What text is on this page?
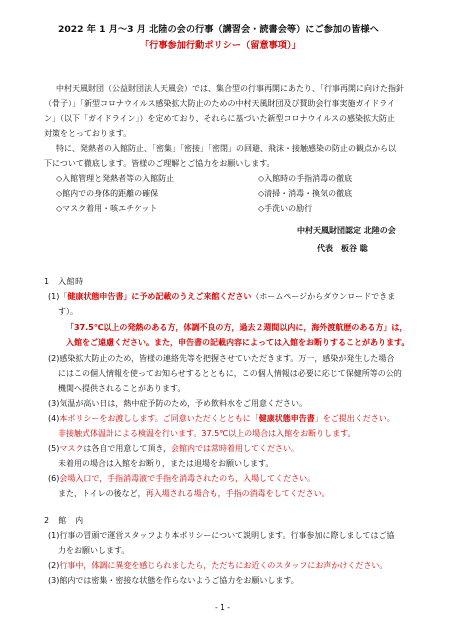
2022 年 1 月～3 月 北陸の会の行事（講習会・読書会等）にご参加の皆様へ
「行事参加行動ポリシー（留意事項）」
中村天風財団（公益財団法人天風会）では、集合型の行事再開にあたり、「行事再開に向けた指針
（骨子）」「新型コロナウイルス感染拡大防止のための中村天風財団及び賛助会行事実施ガイドライ
ン」（以下「ガイドライン」）を定めており、それらに基づいた新型コロナウイルスの感染拡大防止
対策をとっております。
特に、発熱者の入館防止、「密集」「密接」「密閉」の回避、飛沫・接触感染の防止の観点から以
下について徹底します。皆様のご理解とご協力をお願いします。
◇入館管理と発熱者等の入館防止	◇入館時の手指消毒の徹底
◇館内での身体的距離の確保	◇清掃・消毒・換気の徹底
◇マスク着用・咳エチケット	◇手洗いの励行
中村天風財団認定 北陸の会
代表　板谷 聡
1　入館時
(1)「健康状態申告書」に予め記載のうえご来館ください（ホームページからダウンロードできま
す）。
「37.5℃以上の発熱のある方，体調不良の方，過去２週間以内に，海外渡航歴のある方」は，
入館をご遠慮ください。また，申告書の記載内容によっては入館をお断りすることがあります。
(2)感染拡大防止のため，皆様の連絡先等を把握させていただきます。万一，感染が発生した場合
にはこの個人情報を使ってお知らせするとともに，この個人情報は必要に応じて保健所等の公的
機関へ提供されることがあります。
(3)気温が高い日は，熱中症予防のため，予め飲料水をご用意ください。
(4)本ポリシーをお渡しします。ご同意いただくとともに「健康状態申告書」をご提出ください。
非接触式体温計による検温を行います。37.5℃以上の場合は入館をお断りします。
(5)マスクは各自で用意して頂き，会館内では常時着用してください。
未着用の場合は入館をお断り，または退場をお願いします。
(6)会場入口で，手指消毒液で手指を消毒されたのち，入場してください。
また，トイレの後など，再入場される場合も，手指の消毒をしてください。
2　館　内
(1)行事の冒頭で運営スタッフより本ポリシーについて説明します。行事参加に際しましてはご協
力をお願いします。
(2)行事中，体調に異変を感じられましたら，ただちにお近くのスタッフにお声かけください。
(3)館内では密集・密接な状態を作らないようご協力をお願いします。
- 1 -
